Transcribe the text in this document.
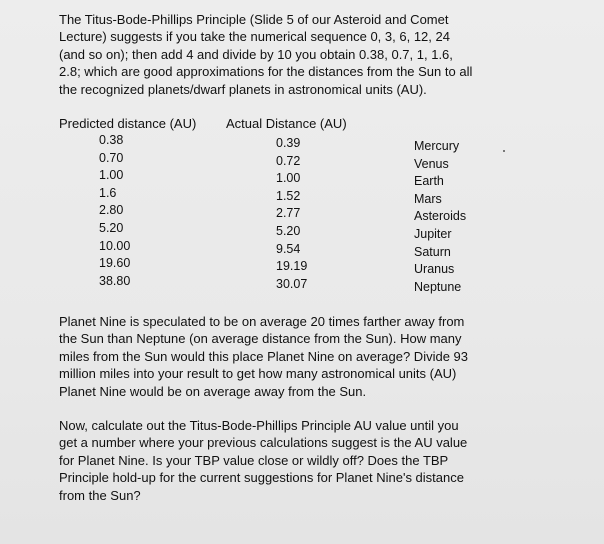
The Titus-Bode-Phillips Principle (Slide 5 of our Asteroid and Comet
Lecture) suggests if you take the numerical sequence 0, 3, 6, 12, 24
(and so on); then add 4 and divide by 10 you obtain 0.38, 0.7, 1, 1.6,
2.8; which are good approximations for the distances from the Sun to all
the recognized planets/dwarf planets in astronomical units (AU).

Predicted distance (AU) Actual Distance (AU)
0.38
0.70
1.00
1.6
2.80
5.20
10.00
19.60
38.80
0.39
0.72
1.00
1.52
2.77
5.20
9.54
19.19
30.07
Mercury
Venus
Earth
Mars
Asteroids
Jupiter
Saturn
Uranus
Neptune

Planet Nine is speculated to be on average 20 times farther away from
the Sun than Neptune (on average distance from the Sun). How many
miles from the Sun would this place Planet Nine on average? Divide 93
million miles into your result to get how many astronomical units (AU)
Planet Nine would be on average away from the Sun.

Now, calculate out the Titus-Bode-Phillips Principle AU value until you
get a number where your previous calculations suggest is the AU value
for Planet Nine. Is your TBP value close or wildly off? Does the TBP
Principle hold-up for the current suggestions for Planet Nine's distance
from the Sun?
